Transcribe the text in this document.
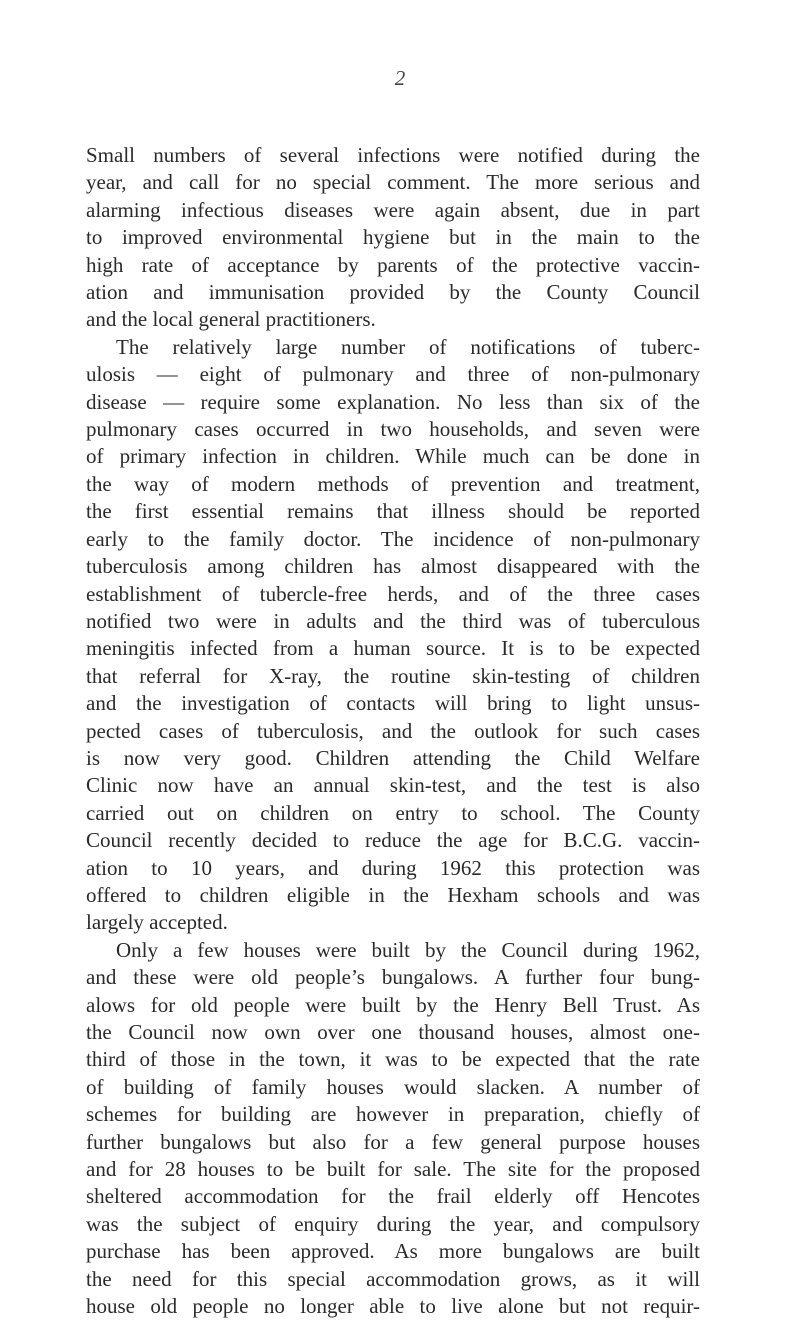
2

Small numbers of several infections were notified during the
year, and call for no special comment. The more serious and
alarming infectious diseases were again absent, due in part
to improved environmental hygiene but in the main to the
high rate of acceptance by parents of the protective vaccin-
ation and immunisation provided by the County Council
and the local general practitioners.

The relatively large number of notifications of tuberc-
ulosis — eight of pulmonary and three of non-pulmonary
disease — require some explanation. No less than six of the
pulmonary cases occurred in two households, and seven were
of primary infection in children. While much can be done in
the way of modern methods of prevention and treatment,
the first essential remains that illness should be reported
early to the family doctor. The incidence of non-pulmonary
tuberculosis among children has almost disappeared with the
establishment of tubercle-free herds, and of the three cases
notified two were in adults and the third was of tuberculous
meningitis infected from a human source. It is to be expected
that referral for X-ray, the routine skin-testing of children
and the investigation of contacts will bring to light unsus-
pected cases of tuberculosis, and the outlook for such cases
is now very good. Children attending the Child Welfare
Clinic now have an annual skin-test, and the test is also
carried out on children on entry to school. The County
Council recently decided to reduce the age for B.C.G. vaccin-
ation to 10 years, and during 1962 this protection was
offered to children eligible in the Hexham schools and was
largely accepted.

Only a few houses were built by the Council during 1962,
and these were old people’s bungalows. A further four bung-
alows for old people were built by the Henry Bell Trust. As
the Council now own over one thousand houses, almost one-
third of those in the town, it was to be expected that the rate
of building of family houses would slacken. A number of
schemes for building are however in preparation, chiefly of
further bungalows but also for a few general purpose houses
and for 28 houses to be built for sale. The site for the proposed
sheltered accommodation for the frail elderly off Hencotes
was the subject of enquiry during the year, and compulsory
purchase has been approved. As more bungalows are built
the need for this special accommodation grows, as it will
house old people no longer able to live alone but not requir-
